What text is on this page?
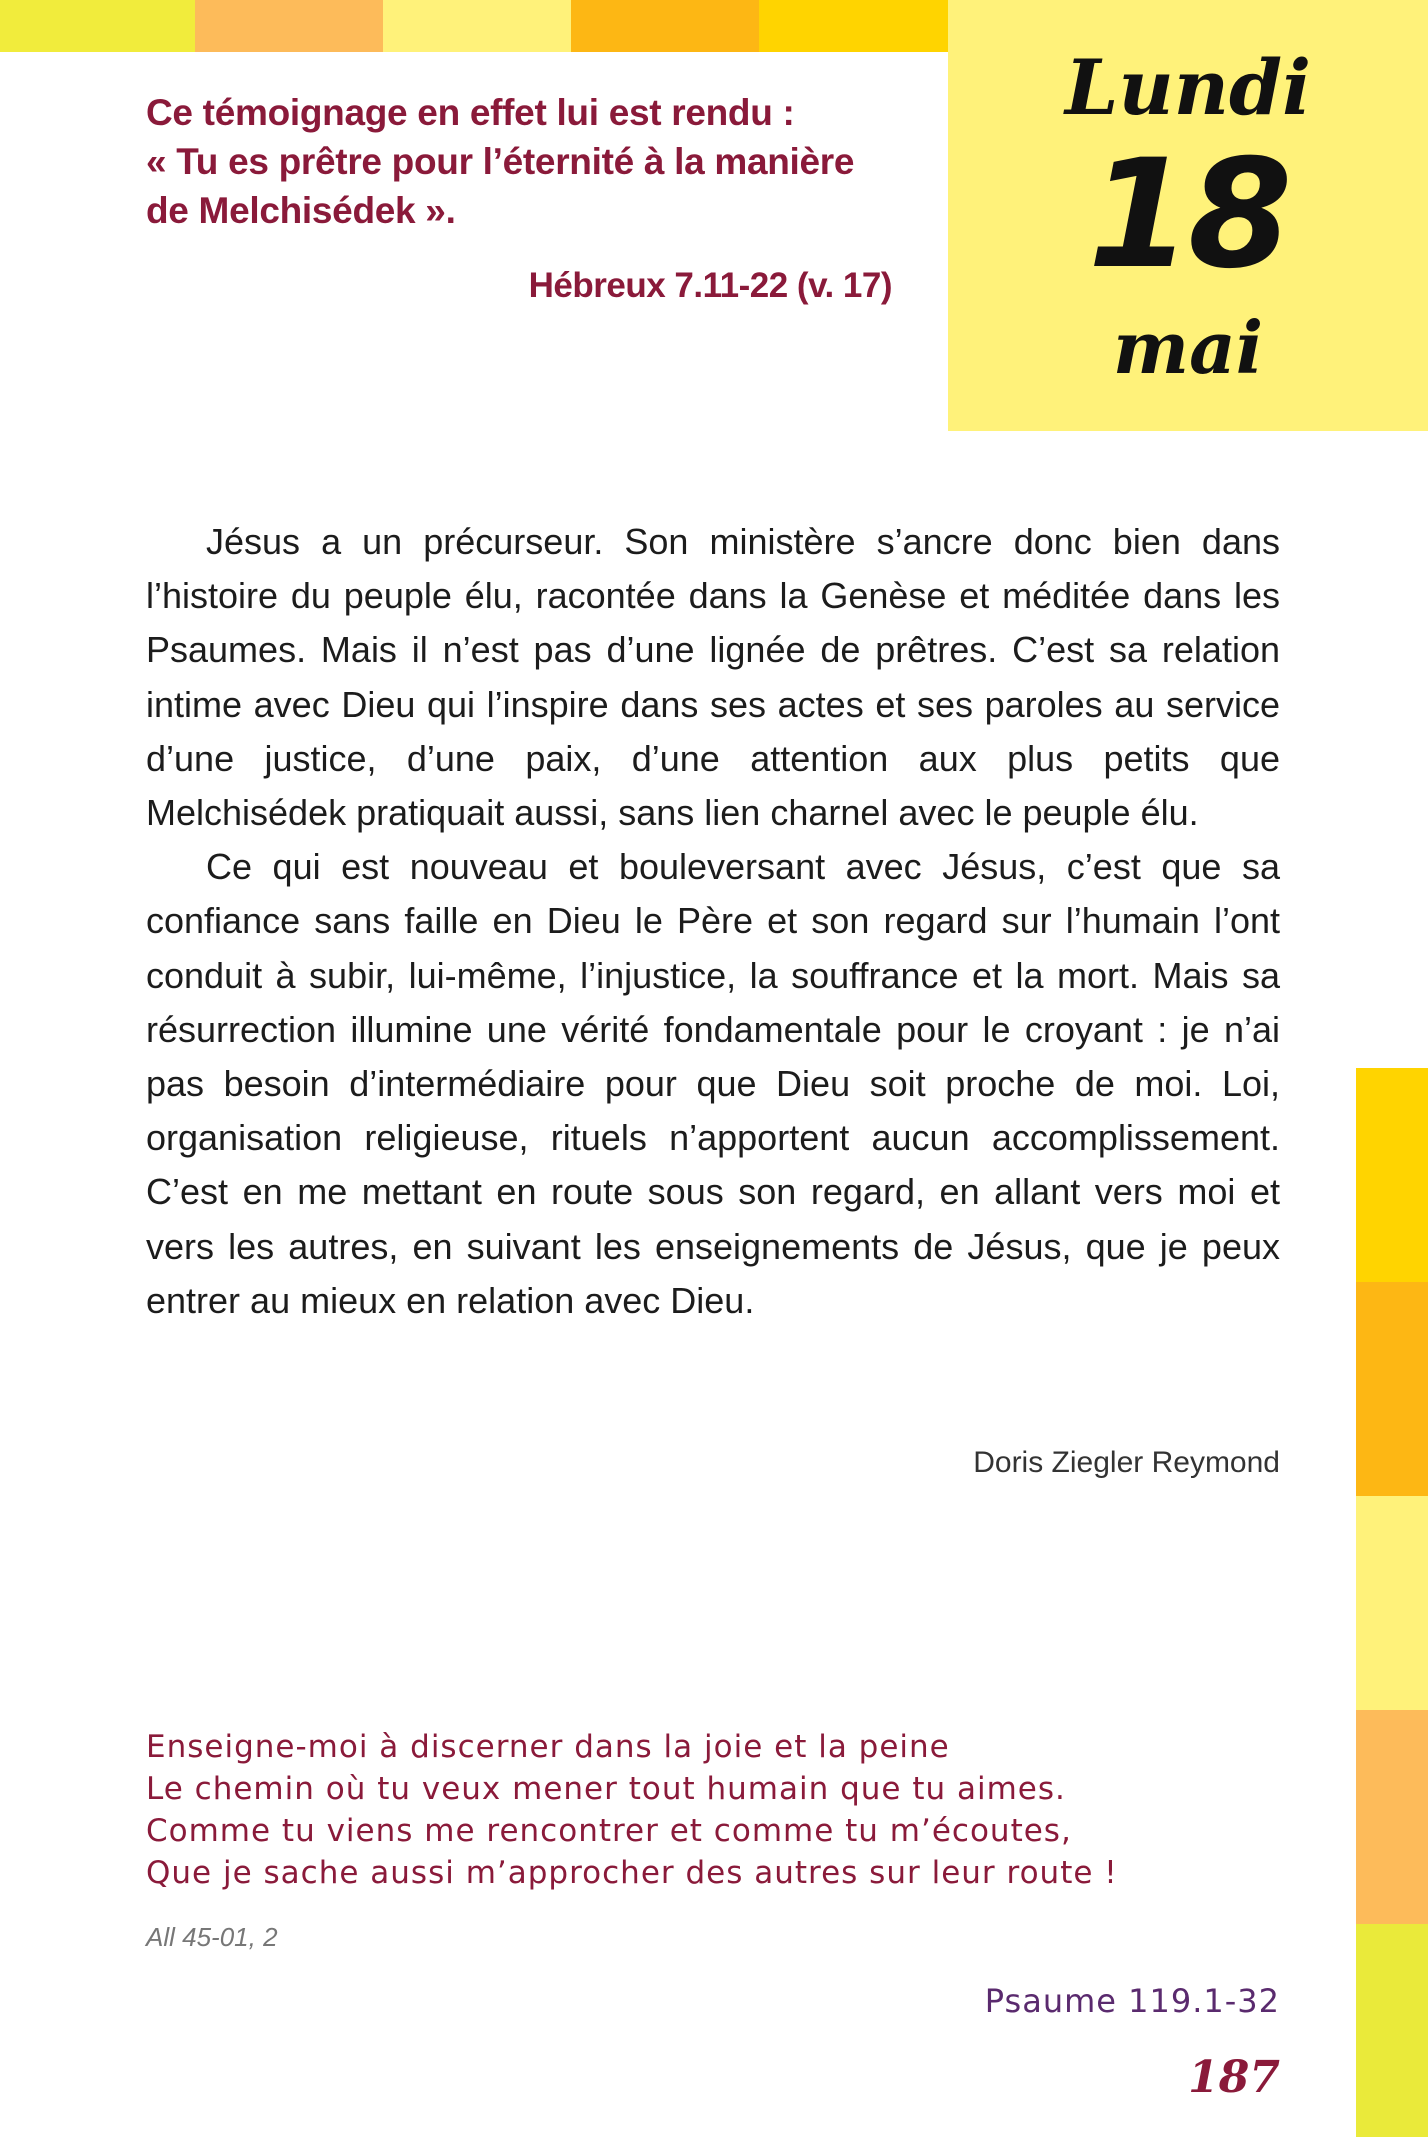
Lundi
18
mai
Ce témoignage en effet lui est rendu :
« Tu es prêtre pour l’éternité à la manière
de Melchisédek ».
Hébreux 7.11-22 (v. 17)

Jésus a un précurseur. Son ministère s’ancre donc bien dans l’histoire du peuple élu, racontée dans la Genèse et méditée dans les Psaumes. Mais il n’est pas d’une lignée de prêtres. C’est sa relation intime avec Dieu qui l’inspire dans ses actes et ses paroles au service d’une justice, d’une paix, d’une attention aux plus petits que Melchisédek pratiquait aussi, sans lien charnel avec le peuple élu.

Ce qui est nouveau et bouleversant avec Jésus, c’est que sa confiance sans faille en Dieu le Père et son regard sur l’humain l’ont conduit à subir, lui-même, l’injustice, la souffrance et la mort. Mais sa résurrection illumine une vérité fondamentale pour le croyant : je n’ai pas besoin d’intermédiaire pour que Dieu soit proche de moi. Loi, organisation religieuse, rituels n’apportent aucun accomplissement. C’est en me mettant en route sous son regard, en allant vers moi et vers les autres, en suivant les enseignements de Jésus, que je peux entrer au mieux en relation avec Dieu.

Doris Ziegler Reymond
Enseigne-moi à discerner dans la joie et la peine
Le chemin où tu veux mener tout humain que tu aimes.
Comme tu viens me rencontrer et comme tu m’écoutes,
Que je sache aussi m’approcher des autres sur leur route !
All 45-01, 2
Psaume 119.1-32
187
